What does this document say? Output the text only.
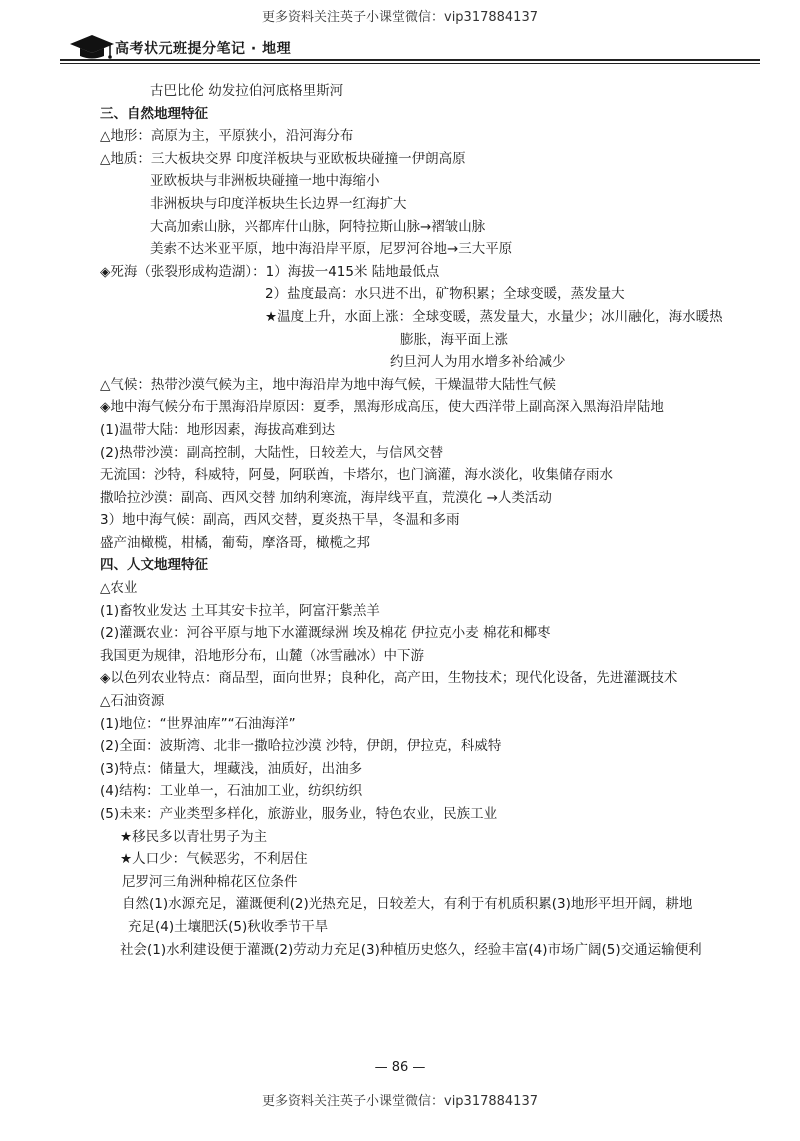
更多资料关注英子小课堂微信：vip317884137
高考状元班提分笔记 · 地理
古巴比伦 幼发拉伯河底格里斯河
三、自然地理特征
△地形：高原为主，平原狭小，沿河海分布
△地质：三大板块交界 印度洋板块与亚欧板块碰撞一伊朗高原
亚欧板块与非洲板块碰撞一地中海缩小
非洲板块与印度洋板块生长边界一红海扩大
大高加索山脉，兴都库什山脉，阿特拉斯山脉→褶皱山脉
美索不达米亚平原，地中海沿岸平原，尼罗河谷地→三大平原
◈死海（张裂形成构造湖）：1）海拔一415米 陆地最低点
2）盐度最高：水只进不出，矿物积累；全球变暖，蒸发量大
★温度上升，水面上涨：全球变暖，蒸发量大，水量少；冰川融化，海水暖热
膨胀，海平面上涨
约旦河人为用水增多补给减少
△气候：热带沙漠气候为主，地中海沿岸为地中海气候，干燥温带大陆性气候
◈地中海气候分布于黑海沿岸原因：夏季，黑海形成高压，使大西洋带上副高深入黑海沿岸陆地
(1)温带大陆：地形因素，海拔高难到达
(2)热带沙漠：副高控制，大陆性，日较差大，与信风交替
无流国：沙特，科威特，阿曼，阿联酋，卡塔尔，也门滴灌，海水淡化，收集储存雨水
撒哈拉沙漠：副高、西风交替 加纳利寒流，海岸线平直，荒漠化 →人类活动
3）地中海气候：副高，西风交替，夏炎热干旱，冬温和多雨
盛产油橄榄，柑橘，葡萄，摩洛哥，橄榄之邦
四、人文地理特征
△农业
(1)畜牧业发达 土耳其安卡拉羊，阿富汗紫羔羊
(2)灌溉农业：河谷平原与地下水灌溉绿洲 埃及棉花 伊拉克小麦 棉花和椰枣
我国更为规律，沿地形分布，山麓（冰雪融冰）中下游
◈以色列农业特点：商品型，面向世界；良种化，高产田，生物技术；现代化设备，先进灌溉技术
△石油资源
(1)地位：“世界油库”“石油海洋”
(2)全面：波斯湾、北非一撒哈拉沙漠 沙特，伊朗，伊拉克，科威特
(3)特点：储量大，埋藏浅，油质好，出油多
(4)结构：工业单一，石油加工业，纺织纺织
(5)未来：产业类型多样化，旅游业，服务业，特色农业，民族工业
★移民多以青壮男子为主
★人口少：气候恶劣，不利居住
尼罗河三角洲种棉花区位条件
自然(1)水源充足，灌溉便利(2)光热充足，日较差大，有利于有机质积累(3)地形平坦开阔，耕地
充足(4)土壤肥沃(5)秋收季节干旱
社会(1)水利建设便于灌溉(2)劳动力充足(3)种植历史悠久，经验丰富(4)市场广阔(5)交通运输便利
— 86 —
更多资料关注英子小课堂微信：vip317884137
